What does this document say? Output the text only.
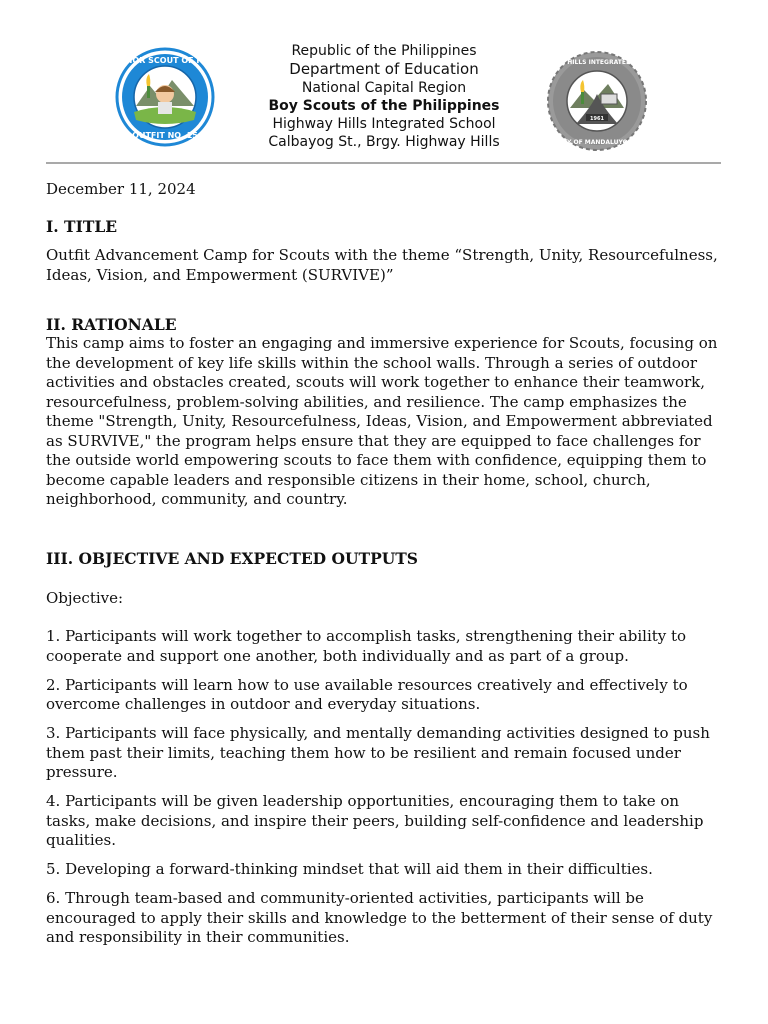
SENIOR SCOUT OF HHIS
OUTFIT NO. 15
Republic of the Philippines
Department of Education
National Capital Region
Boy Scouts of the Philippines
Highway Hills Integrated School
Calbayog St., Brgy. Highway Hills
HIGHWAY HILLS INTEGRATED SCHOOL
CITY OF MANDALUYONG
1961
December 11, 2024
I. TITLE
Outfit Advancement Camp for Scouts with the theme “Strength, Unity, Resourcefulness, Ideas, Vision, and Empowerment (SURVIVE)”
II. RATIONALE
This camp aims to foster an engaging and immersive experience for Scouts, focusing on the development of key life skills within the school walls. Through a series of outdoor activities and obstacles created, scouts will work together to enhance their teamwork, resourcefulness, problem-solving abilities, and resilience. The camp emphasizes the theme "Strength, Unity, Resourcefulness, Ideas, Vision, and Empowerment abbreviated as SURVIVE," the program helps ensure that they are equipped to face challenges for the outside world empowering scouts to face them with confidence, equipping them to become capable leaders and responsible citizens in their home, school, church, neighborhood, community, and country.
III. OBJECTIVE AND EXPECTED OUTPUTS
Objective:
1. Participants will work together to accomplish tasks, strengthening their ability to cooperate and support one another, both individually and as part of a group.
2. Participants will learn how to use available resources creatively and effectively to overcome challenges in outdoor and everyday situations.
3. Participants will face physically, and mentally demanding activities designed to push them past their limits, teaching them how to be resilient and remain focused under pressure.
4. Participants will be given leadership opportunities, encouraging them to take on tasks, make decisions, and inspire their peers, building self-confidence and leadership qualities.
5. Developing a forward-thinking mindset that will aid them in their difficulties.
6. Through team-based and community-oriented activities, participants will be encouraged to apply their skills and knowledge to the betterment of their sense of duty and responsibility in their communities.
